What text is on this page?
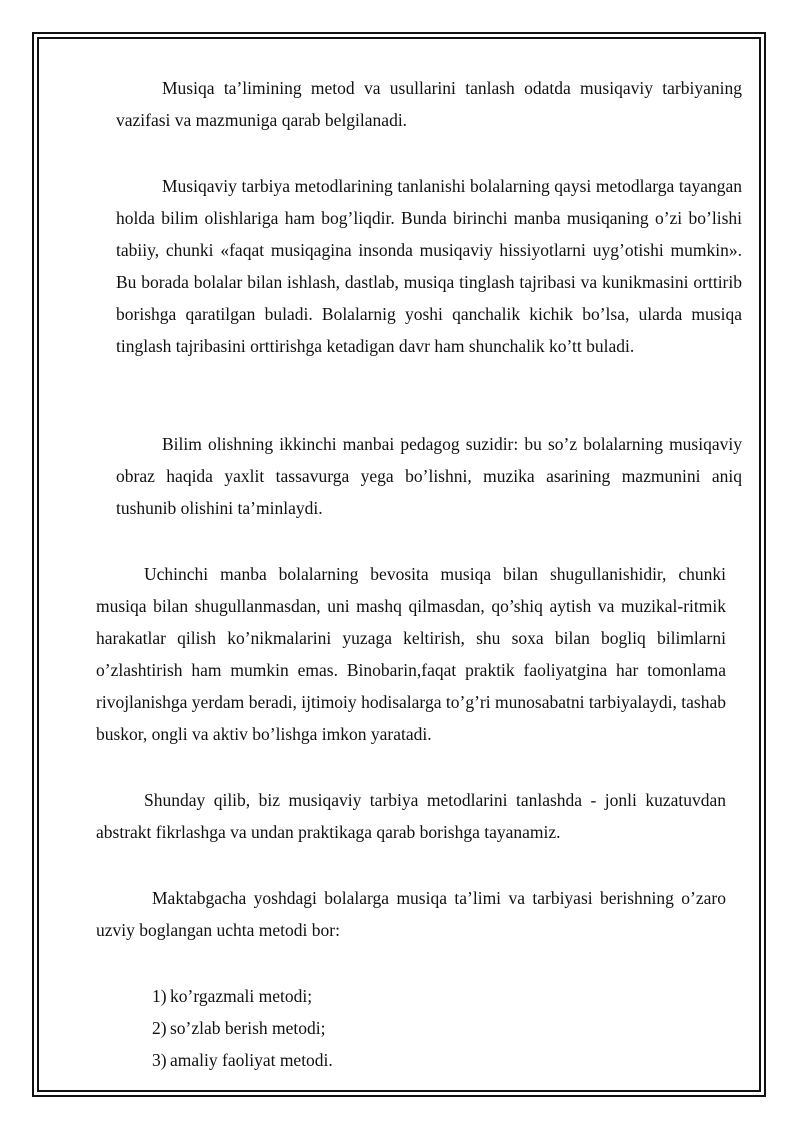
Musiqa ta’limining metod va usullarini tanlash odatda musiqaviy tarbiyaning vazifasi va mazmuniga qarab belgilanadi.

Musiqaviy tarbiya metodlarining tanlanishi bolalarning qaysi metodlarga tayangan holda bilim olishlariga ham bog’liqdir. Bunda birinchi manba musiqaning o’zi bo’lishi tabiiy, chunki «faqat musiqagina insonda musiqaviy hissiyotlarni uyg’otishi mumkin». Bu borada bolalar bilan ishlash, dastlab, musiqa tinglash tajribasi va kunikmasini orttirib borishga qaratilgan buladi. Bolalarnig yoshi qanchalik kichik bo’lsa, ularda musiqa tinglash tajribasini orttirishga ketadigan davr ham shunchalik ko’tt buladi.

Bilim olishning ikkinchi manbai pedagog suzidir: bu so’z bolalarning musiqaviy obraz haqida yaxlit tassavurga yega bo’lishni, muzika asarining mazmunini aniq tushunib olishini ta’minlaydi.

Uchinchi manba bolalarning bevosita musiqa bilan shugullanishidir, chunki musiqa bilan shugullanmasdan, uni mashq qilmasdan, qo’shiq aytish va muzikal-ritmik harakatlar qilish ko’nikmalarini yuzaga keltirish, shu soxa bilan bogliq bilimlarni o’zlashtirish ham mumkin emas. Binobarin,faqat praktik faoliyatgina har tomonlama rivojlanishga yerdam beradi, ijtimoiy hodisalarga to’g’ri munosabatni tarbiyalaydi, tashab buskor, ongli va aktiv bo’lishga imkon yaratadi.

Shunday qilib, biz musiqaviy tarbiya metodlarini tanlashda - jonli kuzatuvdan abstrakt fikrlashga va undan praktikaga qarab borishga tayanamiz.

Maktabgacha yoshdagi bolalarga musiqa ta’limi va tarbiyasi berishning o’zaro uzviy boglangan uchta metodi bor:

1) ko’rgazmali metodi;
2) so’zlab berish metodi;
3) amaliy faoliyat metodi.
